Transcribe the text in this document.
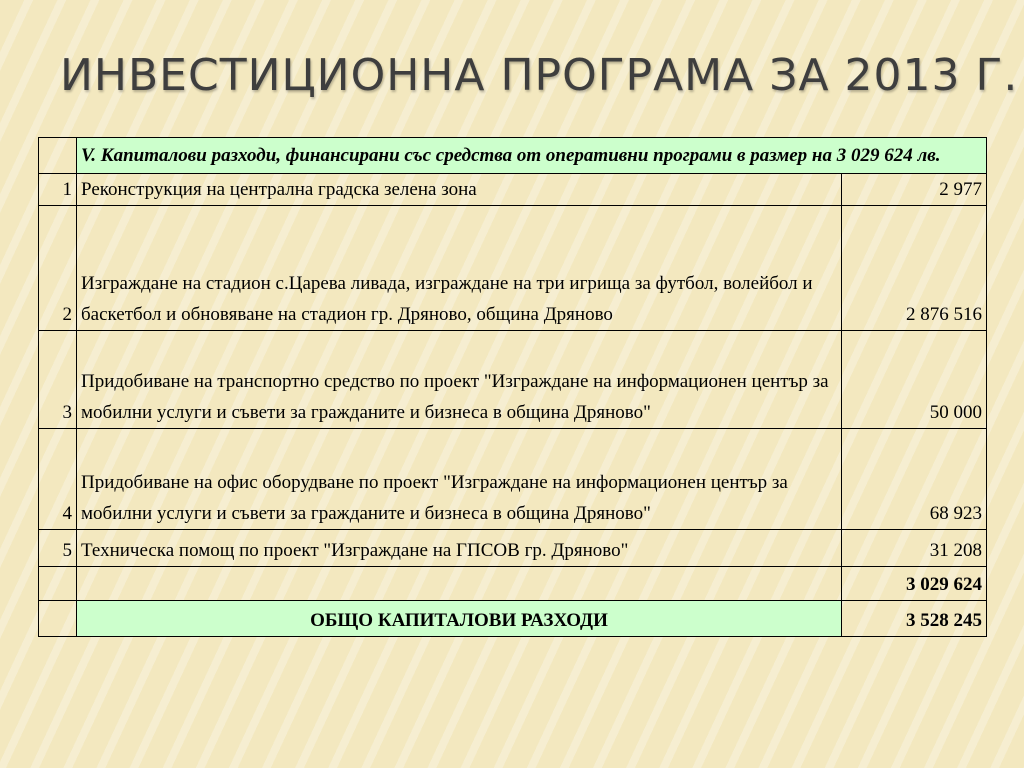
ИНВЕСТИЦИОННА ПРОГРАМА ЗА 2013 Г.
	V. Капиталови разходи, финансирани със средства от оперативни програми в размер на 3 029 624 лв.	
1	Реконструкция на централна градска зелена зона	2 977
2	Изграждане на стадион с.Царева ливада, изграждане на три игрища за футбол, волейбол и баскетбол и обновяване на стадион гр. Дряново, община Дряново	2 876 516
3	Придобиване на транспортно средство по проект "Изграждане на информационен център за мобилни услуги и съвети за гражданите и бизнеса в община Дряново"	50 000
4	Придобиване на офис оборудване по проект "Изграждане на информационен център за мобилни услуги и съвети за гражданите и бизнеса в община Дряново"	68 923
5	Техническа помощ по проект "Изграждане на ГПСОВ гр. Дряново"	31 208
		3 029 624
	ОБЩО КАПИТАЛОВИ РАЗХОДИ	3 528 245
